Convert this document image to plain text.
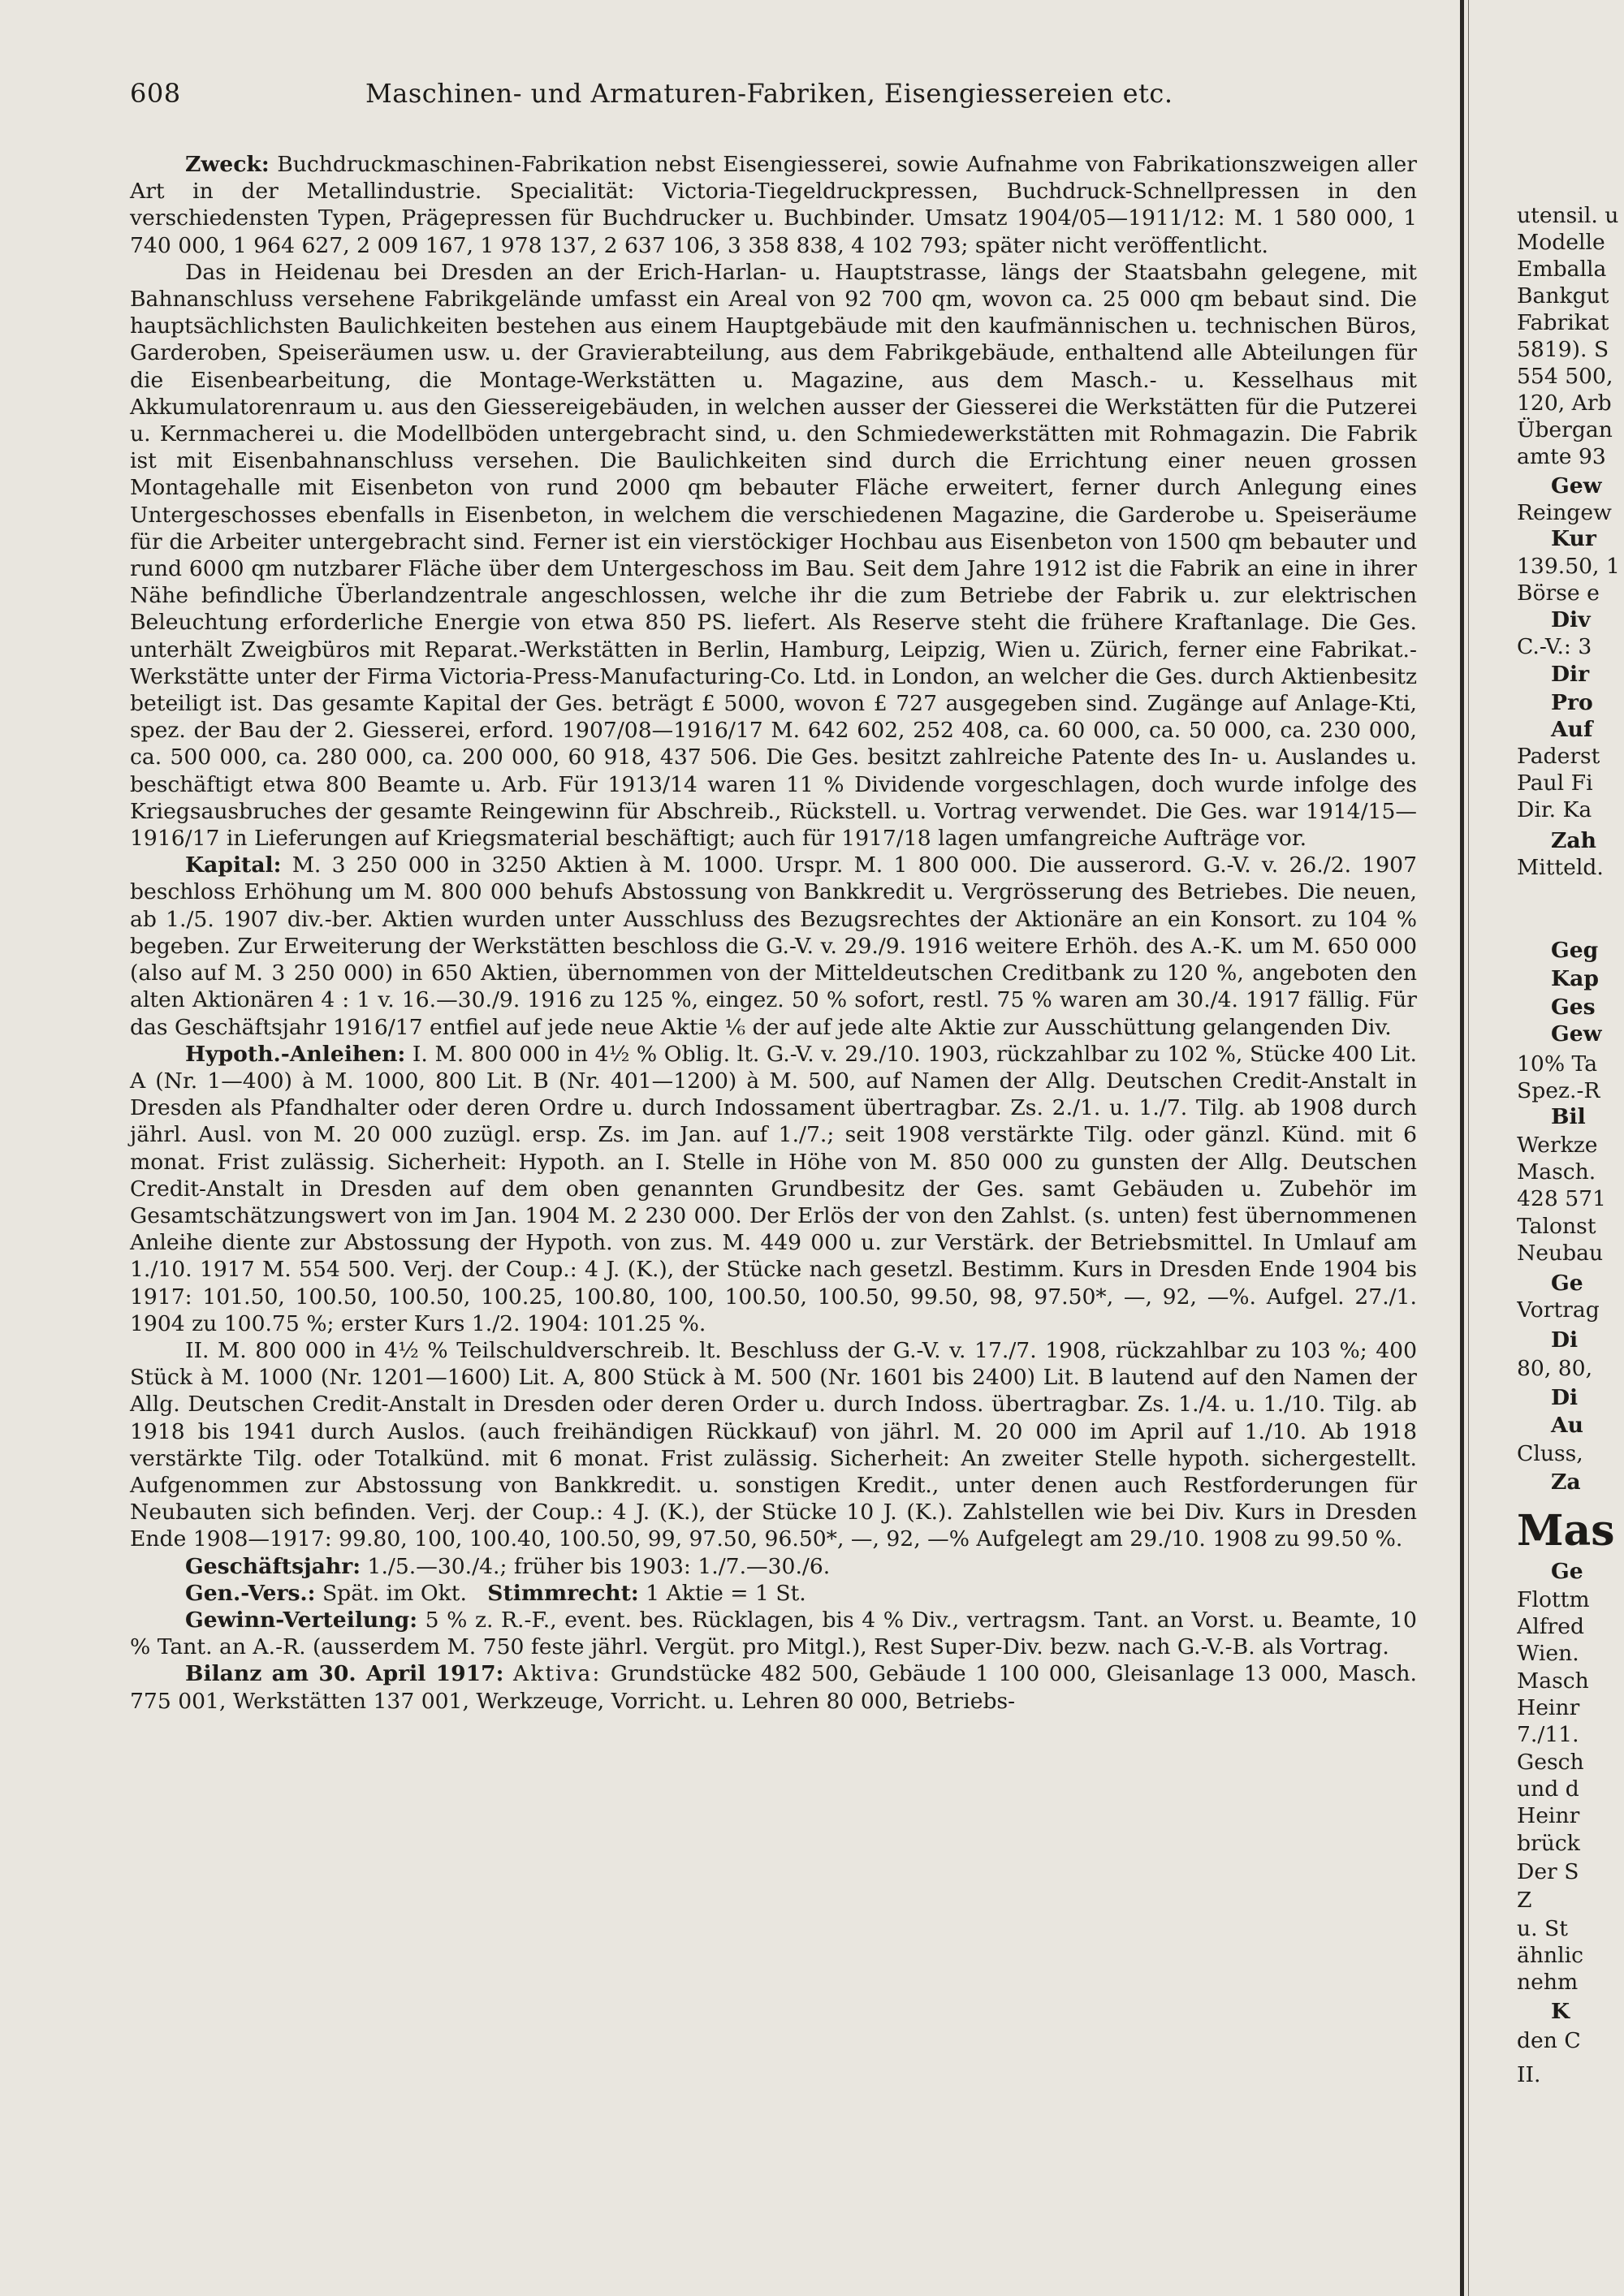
608	Maschinen- und Armaturen-Fabriken, Eisengiessereien etc.

Zweck: Buchdruckmaschinen-Fabrikation nebst Eisengiesserei, sowie Aufnahme von Fabrikationszweigen aller Art in der Metallindustrie. Specialität: Victoria-Tiegeldruckpressen, Buchdruck-Schnellpressen in den verschiedensten Typen, Prägepressen für Buchdrucker u. Buchbinder. Umsatz 1904/05—1911/12: M. 1 580 000, 1 740 000, 1 964 627, 2 009 167, 1 978 137, 2 637 106, 3 358 838, 4 102 793; später nicht veröffentlicht.

Das in Heidenau bei Dresden an der Erich-Harlan- u. Hauptstrasse, längs der Staatsbahn gelegene, mit Bahnanschluss versehene Fabrikgelände umfasst ein Areal von 92 700 qm, wovon ca. 25 000 qm bebaut sind. Die hauptsächlichsten Baulichkeiten bestehen aus einem Hauptgebäude mit den kaufmännischen u. technischen Büros, Garderoben, Speiseräumen usw. u. der Gravierabteilung, aus dem Fabrikgebäude, enthaltend alle Abteilungen für die Eisenbearbeitung, die Montage-Werkstätten u. Magazine, aus dem Masch.- u. Kesselhaus mit Akkumulatorenraum u. aus den Giessereigebäuden, in welchen ausser der Giesserei die Werkstätten für die Putzerei u. Kernmacherei u. die Modellböden untergebracht sind, u. den Schmiedewerkstätten mit Rohmagazin. Die Fabrik ist mit Eisenbahnanschluss versehen. Die Baulichkeiten sind durch die Errichtung einer neuen grossen Montagehalle mit Eisenbeton von rund 2000 qm bebauter Fläche erweitert, ferner durch Anlegung eines Untergeschosses ebenfalls in Eisenbeton, in welchem die verschiedenen Magazine, die Garderobe u. Speiseräume für die Arbeiter untergebracht sind. Ferner ist ein vierstöckiger Hochbau aus Eisenbeton von 1500 qm bebauter und rund 6000 qm nutzbarer Fläche über dem Untergeschoss im Bau. Seit dem Jahre 1912 ist die Fabrik an eine in ihrer Nähe befindliche Überlandzentrale angeschlossen, welche ihr die zum Betriebe der Fabrik u. zur elektrischen Beleuchtung erforderliche Energie von etwa 850 PS. liefert. Als Reserve steht die frühere Kraftanlage. Die Ges. unterhält Zweigbüros mit Reparat.-Werkstätten in Berlin, Hamburg, Leipzig, Wien u. Zürich, ferner eine Fabrikat.-Werkstätte unter der Firma Victoria-Press-Manufacturing-Co. Ltd. in London, an welcher die Ges. durch Aktienbesitz beteiligt ist. Das gesamte Kapital der Ges. beträgt £ 5000, wovon £ 727 ausgegeben sind. Zugänge auf Anlage-Kti, spez. der Bau der 2. Giesserei, erford. 1907/08—1916/17 M. 642 602, 252 408, ca. 60 000, ca. 50 000, ca. 230 000, ca. 500 000, ca. 280 000, ca. 200 000, 60 918, 437 506. Die Ges. besitzt zahlreiche Patente des In- u. Auslandes u. beschäftigt etwa 800 Beamte u. Arb. Für 1913/14 waren 11 % Dividende vorgeschlagen, doch wurde infolge des Kriegsausbruches der gesamte Reingewinn für Abschreib., Rückstell. u. Vortrag verwendet. Die Ges. war 1914/15—1916/17 in Lieferungen auf Kriegsmaterial beschäftigt; auch für 1917/18 lagen umfangreiche Aufträge vor.

Kapital: M. 3 250 000 in 3250 Aktien à M. 1000. Urspr. M. 1 800 000. Die ausserord. G.-V. v. 26./2. 1907 beschloss Erhöhung um M. 800 000 behufs Abstossung von Bankkredit u. Vergrösserung des Betriebes. Die neuen, ab 1./5. 1907 div.-ber. Aktien wurden unter Ausschluss des Bezugsrechtes der Aktionäre an ein Konsort. zu 104 % begeben. Zur Erweiterung der Werkstätten beschloss die G.-V. v. 29./9. 1916 weitere Erhöh. des A.-K. um M. 650 000 (also auf M. 3 250 000) in 650 Aktien, übernommen von der Mitteldeutschen Creditbank zu 120 %, angeboten den alten Aktionären 4 : 1 v. 16.—30./9. 1916 zu 125 %, eingez. 50 % sofort, restl. 75 % waren am 30./4. 1917 fällig. Für das Geschäftsjahr 1916/17 entfiel auf jede neue Aktie ⅙ der auf jede alte Aktie zur Ausschüttung gelangenden Div.

Hypoth.-Anleihen: I. M. 800 000 in 4½ % Oblig. lt. G.-V. v. 29./10. 1903, rückzahlbar zu 102 %, Stücke 400 Lit. A (Nr. 1—400) à M. 1000, 800 Lit. B (Nr. 401—1200) à M. 500, auf Namen der Allg. Deutschen Credit-Anstalt in Dresden als Pfandhalter oder deren Ordre u. durch Indossament übertragbar. Zs. 2./1. u. 1./7. Tilg. ab 1908 durch jährl. Ausl. von M. 20 000 zuzügl. ersp. Zs. im Jan. auf 1./7.; seit 1908 verstärkte Tilg. oder gänzl. Künd. mit 6 monat. Frist zulässig. Sicherheit: Hypoth. an I. Stelle in Höhe von M. 850 000 zu gunsten der Allg. Deutschen Credit-Anstalt in Dresden auf dem oben genannten Grundbesitz der Ges. samt Gebäuden u. Zubehör im Gesamtschätzungswert von im Jan. 1904 M. 2 230 000. Der Erlös der von den Zahlst. (s. unten) fest übernommenen Anleihe diente zur Abstossung der Hypoth. von zus. M. 449 000 u. zur Verstärk. der Betriebsmittel. In Umlauf am 1./10. 1917 M. 554 500. Verj. der Coup.: 4 J. (K.), der Stücke nach gesetzl. Bestimm. Kurs in Dresden Ende 1904 bis 1917: 101.50, 100.50, 100.50, 100.25, 100.80, 100, 100.50, 100.50, 99.50, 98, 97.50*, —, 92, —%. Aufgel. 27./1. 1904 zu 100.75 %; erster Kurs 1./2. 1904: 101.25 %.

II. M. 800 000 in 4½ % Teilschuldverschreib. lt. Beschluss der G.-V. v. 17./7. 1908, rückzahlbar zu 103 %; 400 Stück à M. 1000 (Nr. 1201—1600) Lit. A, 800 Stück à M. 500 (Nr. 1601 bis 2400) Lit. B lautend auf den Namen der Allg. Deutschen Credit-Anstalt in Dresden oder deren Order u. durch Indoss. übertragbar. Zs. 1./4. u. 1./10. Tilg. ab 1918 bis 1941 durch Auslos. (auch freihändigen Rückkauf) von jährl. M. 20 000 im April auf 1./10. Ab 1918 verstärkte Tilg. oder Totalkünd. mit 6 monat. Frist zulässig. Sicherheit: An zweiter Stelle hypoth. sichergestellt. Aufgenommen zur Abstossung von Bankkredit. u. sonstigen Kredit., unter denen auch Restforderungen für Neubauten sich befinden. Verj. der Coup.: 4 J. (K.), der Stücke 10 J. (K.). Zahlstellen wie bei Div. Kurs in Dresden Ende 1908—1917: 99.80, 100, 100.40, 100.50, 99, 97.50, 96.50*, —, 92, —% Aufgelegt am 29./10. 1908 zu 99.50 %.

Geschäftsjahr: 1./5.—30./4.; früher bis 1903: 1./7.—30./6.

Gen.-Vers.: Spät. im Okt. Stimmrecht: 1 Aktie = 1 St.

Gewinn-Verteilung: 5 % z. R.-F., event. bes. Rücklagen, bis 4 % Div., vertragsm. Tant. an Vorst. u. Beamte, 10 % Tant. an A.-R. (ausserdem M. 750 feste jährl. Vergüt. pro Mitgl.), Rest Super-Div. bezw. nach G.-V.-B. als Vortrag.

Bilanz am 30. April 1917: Aktiva: Grundstücke 482 500, Gebäude 1 100 000, Gleisanlage 13 000, Masch. 775 001, Werkstätten 137 001, Werkzeuge, Vorricht. u. Lehren 80 000, Betriebs-

utensil. u
Modelle
Emballa
Bankgut
Fabrikat
5819). S
554 500,
120, Arb
Übergan
amte 93
Gew
Reingew
Kur
139.50, 1
Börse e
Div
C.-V.: 3
Dir
Pro
Auf
Paderst
Paul Fi
Dir. Ka
Zah
Mitteld.
Geg
Kap
Ges
Gew
10% Ta
Spez.-R
Bil
Werkze
Masch.
428 571
Talonst
Neubau
Ge
Vortrag
Di
80, 80,
Di
Au
Cluss,
Za
Mas
Ge
Flottm
Alfred
Wien.
Masch
Heinr
7./11.
Gesch
und d
Heinr
brück
Der S
Z
u. St
ähnlic
nehm
K
den C
II.
